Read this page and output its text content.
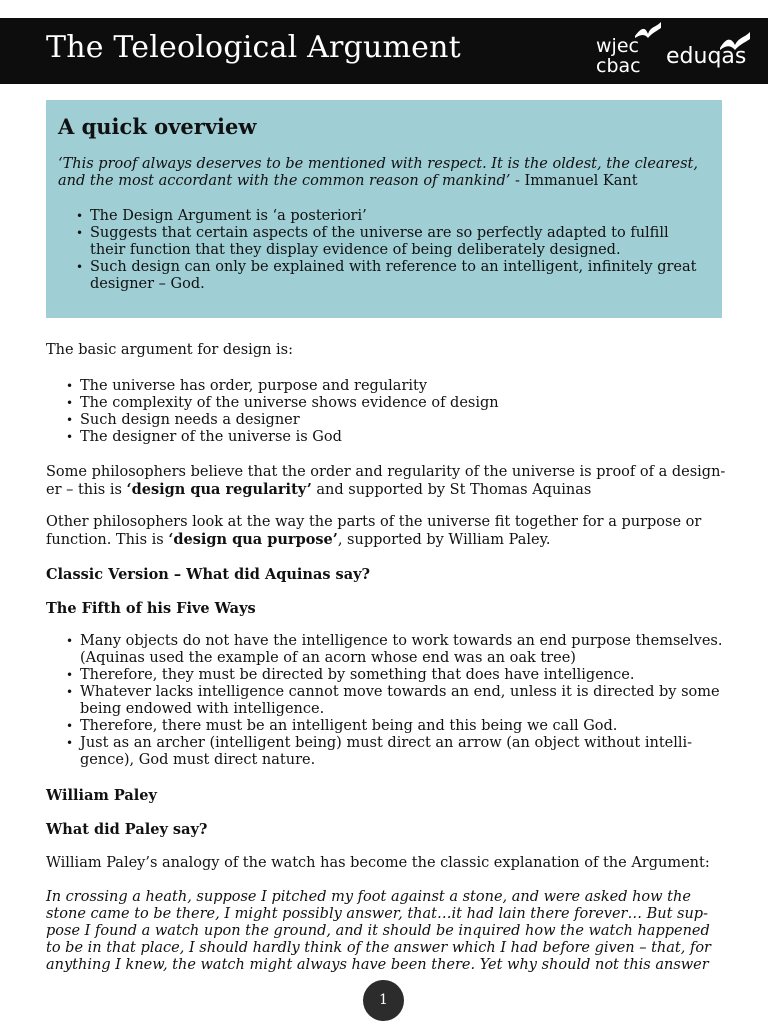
The Teleological Argument	wjec
cbac	eduqas
A quick overview
‘This proof always deserves to be mentioned with respect. It is the oldest, the clearest, and the most accordant with the common reason of mankind’ - Immanuel Kant
• The Design Argument is ‘a posteriori’
• Suggests that certain aspects of the universe are so perfectly adapted to fulfill their function that they display evidence of being deliberately designed.
• Such design can only be explained with reference to an intelligent, infinitely great designer – God.
The basic argument for design is:
• The universe has order, purpose and regularity
• The complexity of the universe shows evidence of design
• Such design needs a designer
• The designer of the universe is God
Some philosophers believe that the order and regularity of the universe is proof of a design-er – this is ‘design qua regularity’ and supported by St Thomas Aquinas
Other philosophers look at the way the parts of the universe fit together for a purpose or function. This is ‘design qua purpose’, supported by William Paley.
Classic Version – What did Aquinas say?
The Fifth of his Five Ways
• Many objects do not have the intelligence to work towards an end purpose themselves. (Aquinas used the example of an acorn whose end was an oak tree)
• Therefore, they must be directed by something that does have intelligence.
• Whatever lacks intelligence cannot move towards an end, unless it is directed by some being endowed with intelligence.
• Therefore, there must be an intelligent being and this being we call God.
• Just as an archer (intelligent being) must direct an arrow (an object without intelli-gence), God must direct nature.
William Paley
What did Paley say?
William Paley’s analogy of the watch has become the classic explanation of the Argument:
In crossing a heath, suppose I pitched my foot against a stone, and were asked how the stone came to be there, I might possibly answer, that…it had lain there forever… But sup-pose I found a watch upon the ground, and it should be inquired how the watch happened to be in that place, I should hardly think of the answer which I had before given – that, for anything I knew, the watch might always have been there. Yet why should not this answer
1
